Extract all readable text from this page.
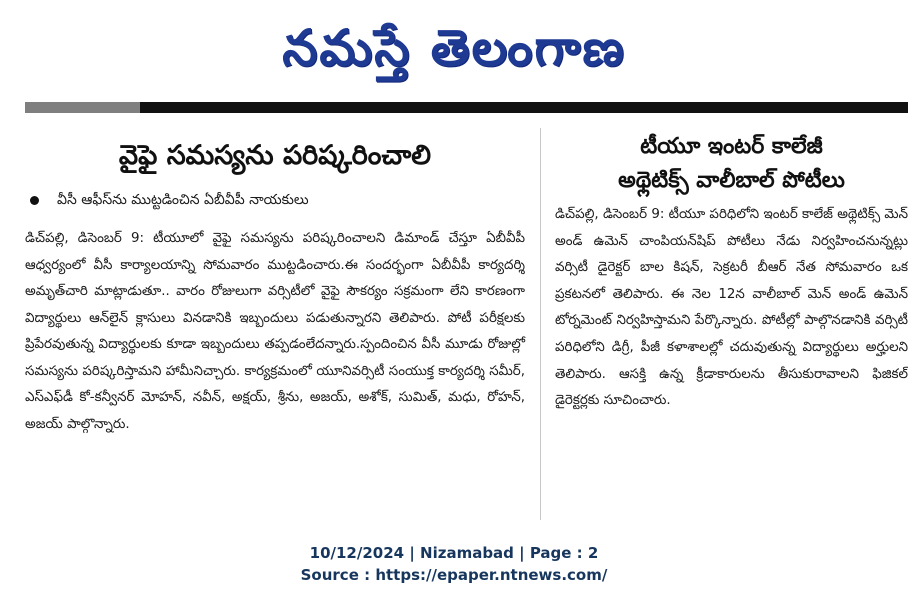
నమస్తే తెలంగాణ
వైఫై సమస్యను పరిష్కరించాలి
వీసీ ఆఫీస్‌ను ముట్టడించిన ఏబీవీపీ నాయకులు
డిచ్‌పల్లి, డిసెంబర్ 9: టీయూలో వైఫై సమస్యను పరిష్కరించాలని డిమాండ్ చేస్తూ ఏబీవీపీ ఆధ్వర్యంలో వీసీ కార్యాలయాన్ని సోమవారం ముట్టడించారు.ఈ సందర్భంగా ఏబీవీపీ కార్యదర్శి అమృత్‌చారి మాట్లాడుతూ.. వారం రోజులుగా వర్సిటీలో వైఫై సౌకర్యం సక్రమంగా లేని కారణంగా విద్యార్థులు ఆన్‌లైన్ క్లాసులు వినడానికి ఇబ్బందులు పడుతున్నారని తెలిపారు. పోటీ పరీక్షలకు ప్రిపేరవుతున్న విద్యార్థులకు కూడా ఇబ్బందులు తప్పడంలేదన్నారు.స్పందించిన వీసీ మూడు రోజుల్లో సమస్యను పరిష్కరిస్తామని హామీనిచ్చారు. కార్యక్రమంలో యూనివర్సిటీ సంయుక్త కార్యదర్శి సమీర్, ఎస్‌ఎఫ్‌డీ కో-కన్వీనర్ మోహన్, నవీన్, అక్షయ్, శ్రీను, అజయ్, అశోక్, సుమిత్, మధు, రోహన్, అజయ్ పాల్గొన్నారు.
టీయూ ఇంటర్ కాలేజీ
అథ్లెటిక్స్ వాలీబాల్ పోటీలు
డిచ్‌పల్లి, డిసెంబర్ 9: టీయూ పరిధిలోని ఇంటర్ కాలేజ్ అథ్లెటిక్స్ మెన్ అండ్ ఉమెన్ చాంపియన్‌షిప్ పోటీలు నేడు నిర్వహించనున్నట్లు వర్సిటీ డైరెక్టర్ బాల కిషన్, సెక్రటరీ బీఆర్ నేత సోమవారం ఒక ప్రకటనలో తెలిపారు. ఈ నెల 12న వాలీబాల్ మెన్ అండ్ ఉమెన్ టోర్నమెంట్ నిర్వహిస్తామని పేర్కొన్నారు. పోటీల్లో పాల్గొనడానికి వర్సిటీ పరిధిలోని డిగ్రీ, పీజీ కళాశాలల్లో చదువుతున్న విద్యార్థులు అర్హులని తెలిపారు. ఆసక్తి ఉన్న క్రీడాకారులను తీసుకురావాలని ఫిజికల్ డైరెక్టర్లకు సూచించారు.
10/12/2024 | Nizamabad | Page : 2
Source : https://epaper.ntnews.com/
